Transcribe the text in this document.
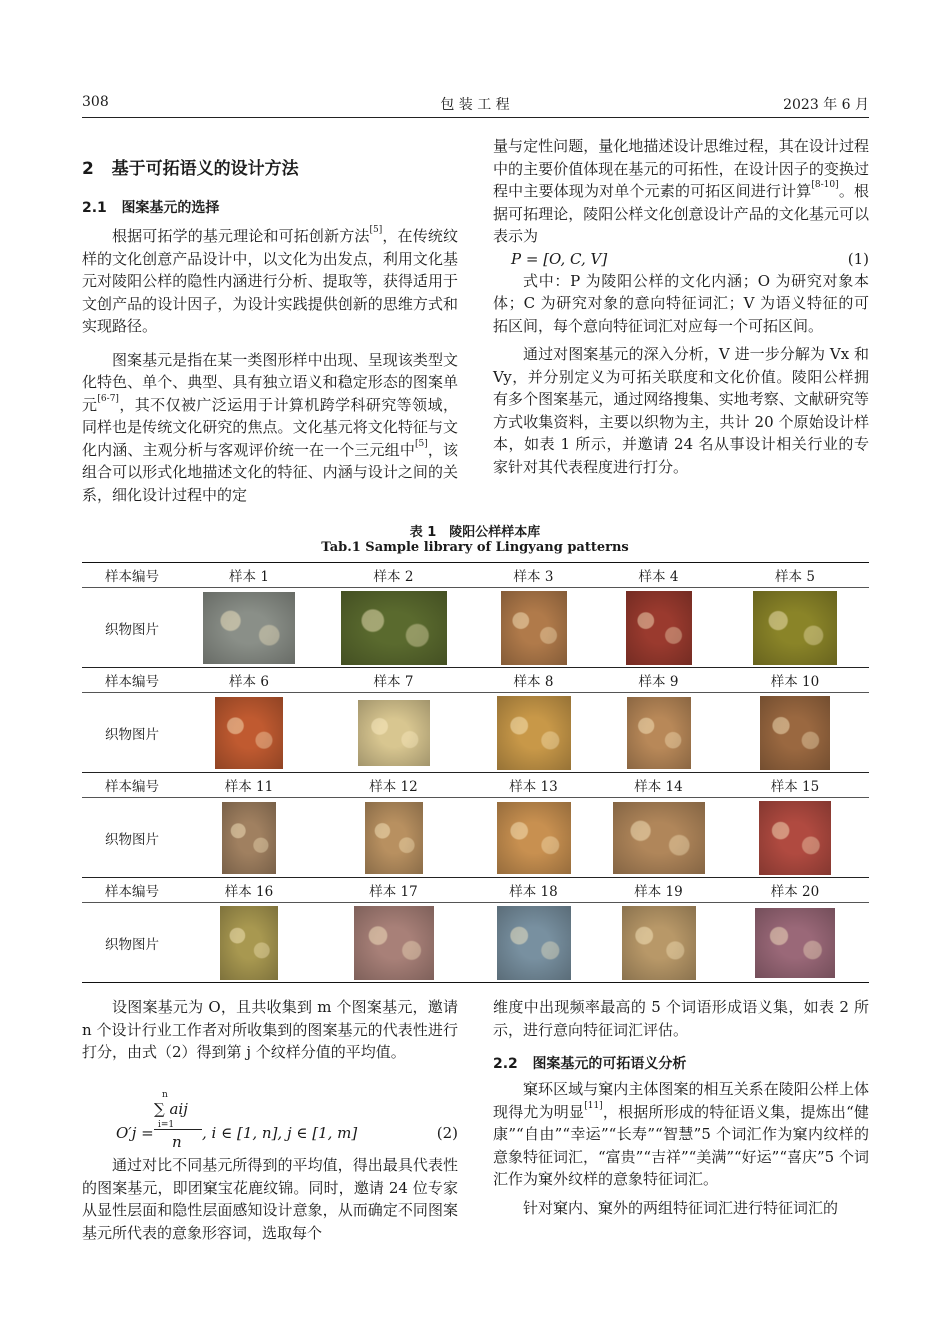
308	包 装 工 程	2023 年 6 月
2 基于可拓语义的设计方法
2.1 图案基元的选择

根据可拓学的基元理论和可拓创新方法[5]，在传统纹样的文化创意产品设计中，以文化为出发点，利用文化基元对陵阳公样的隐性内涵进行分析、提取等，获得适用于文创产品的设计因子，为设计实践提供创新的思维方式和实现路径。

图案基元是指在某一类图形样中出现、呈现该类型文化特色、单个、典型、具有独立语义和稳定形态的图案单元[6-7]，其不仅被广泛运用于计算机跨学科研究等领域，同样也是传统文化研究的焦点。文化基元将文化特征与文化内涵、主观分析与客观评价统一在一个三元组中[5]，该组合可以形式化地描述文化的特征、内涵与设计之间的关系，细化设计过程中的定

量与定性问题，量化地描述设计思维过程，其在设计过程中的主要价值体现在基元的可拓性，在设计因子的变换过程中主要体现为对单个元素的可拓区间进行计算[8-10]。根据可拓理论，陵阳公样文化创意设计产品的文化基元可以表示为

P = [O, C, V]	(1)

式中：P 为陵阳公样的文化内涵；O 为研究对象本体；C 为研究对象的意向特征词汇；V 为语义特征的可拓区间，每个意向特征词汇对应每一个可拓区间。

通过对图案基元的深入分析，V 进一步分解为 Vx 和 Vy，并分别定义为可拓关联度和文化价值。陵阳公样拥有多个图案基元，通过网络搜集、实地考察、文献研究等方式收集资料，主要以织物为主，共计 20 个原始设计样本，如表 1 所示，并邀请 24 名从事设计相关行业的专家针对其代表程度进行打分。

表 1　陵阳公样样本库
Tab.1 Sample library of Lingyang patterns
样本编号	样本 1	样本 2	样本 3	样本 4	样本 5
织物图片					
样本编号	样本 6	样本 7	样本 8	样本 9	样本 10
织物图片					
样本编号	样本 11	样本 12	样本 13	样本 14	样本 15
织物图片					
样本编号	样本 16	样本 17	样本 18	样本 19	样本 20
织物图片					

设图案基元为 O，且共收集到 m 个图案基元，邀请 n 个设计行业工作者对所收集到的图案基元的代表性进行打分，由式（2）得到第 j 个纹样分值的平均值。

O′j =
n
∑ aij
i=1
n , i ∈ [1, n], j ∈ [1, m]	(2)

通过对比不同基元所得到的平均值，得出最具代表性的图案基元，即团窠宝花鹿纹锦。同时，邀请 24 位专家从显性层面和隐性层面感知设计意象，从而确定不同图案基元所代表的意象形容词，选取每个

维度中出现频率最高的 5 个词语形成语义集，如表 2 所示，进行意向特征词汇评估。

2.2 图案基元的可拓语义分析

窠环区域与窠内主体图案的相互关系在陵阳公样上体现得尤为明显[11]，根据所形成的特征语义集，提炼出“健康”“自由”“幸运”“长寿”“智慧”5 个词汇作为窠内纹样的意象特征词汇，“富贵”“吉祥”“美满”“好运”“喜庆”5 个词汇作为窠外纹样的意象特征词汇。

针对窠内、窠外的两组特征词汇进行特征词汇的
